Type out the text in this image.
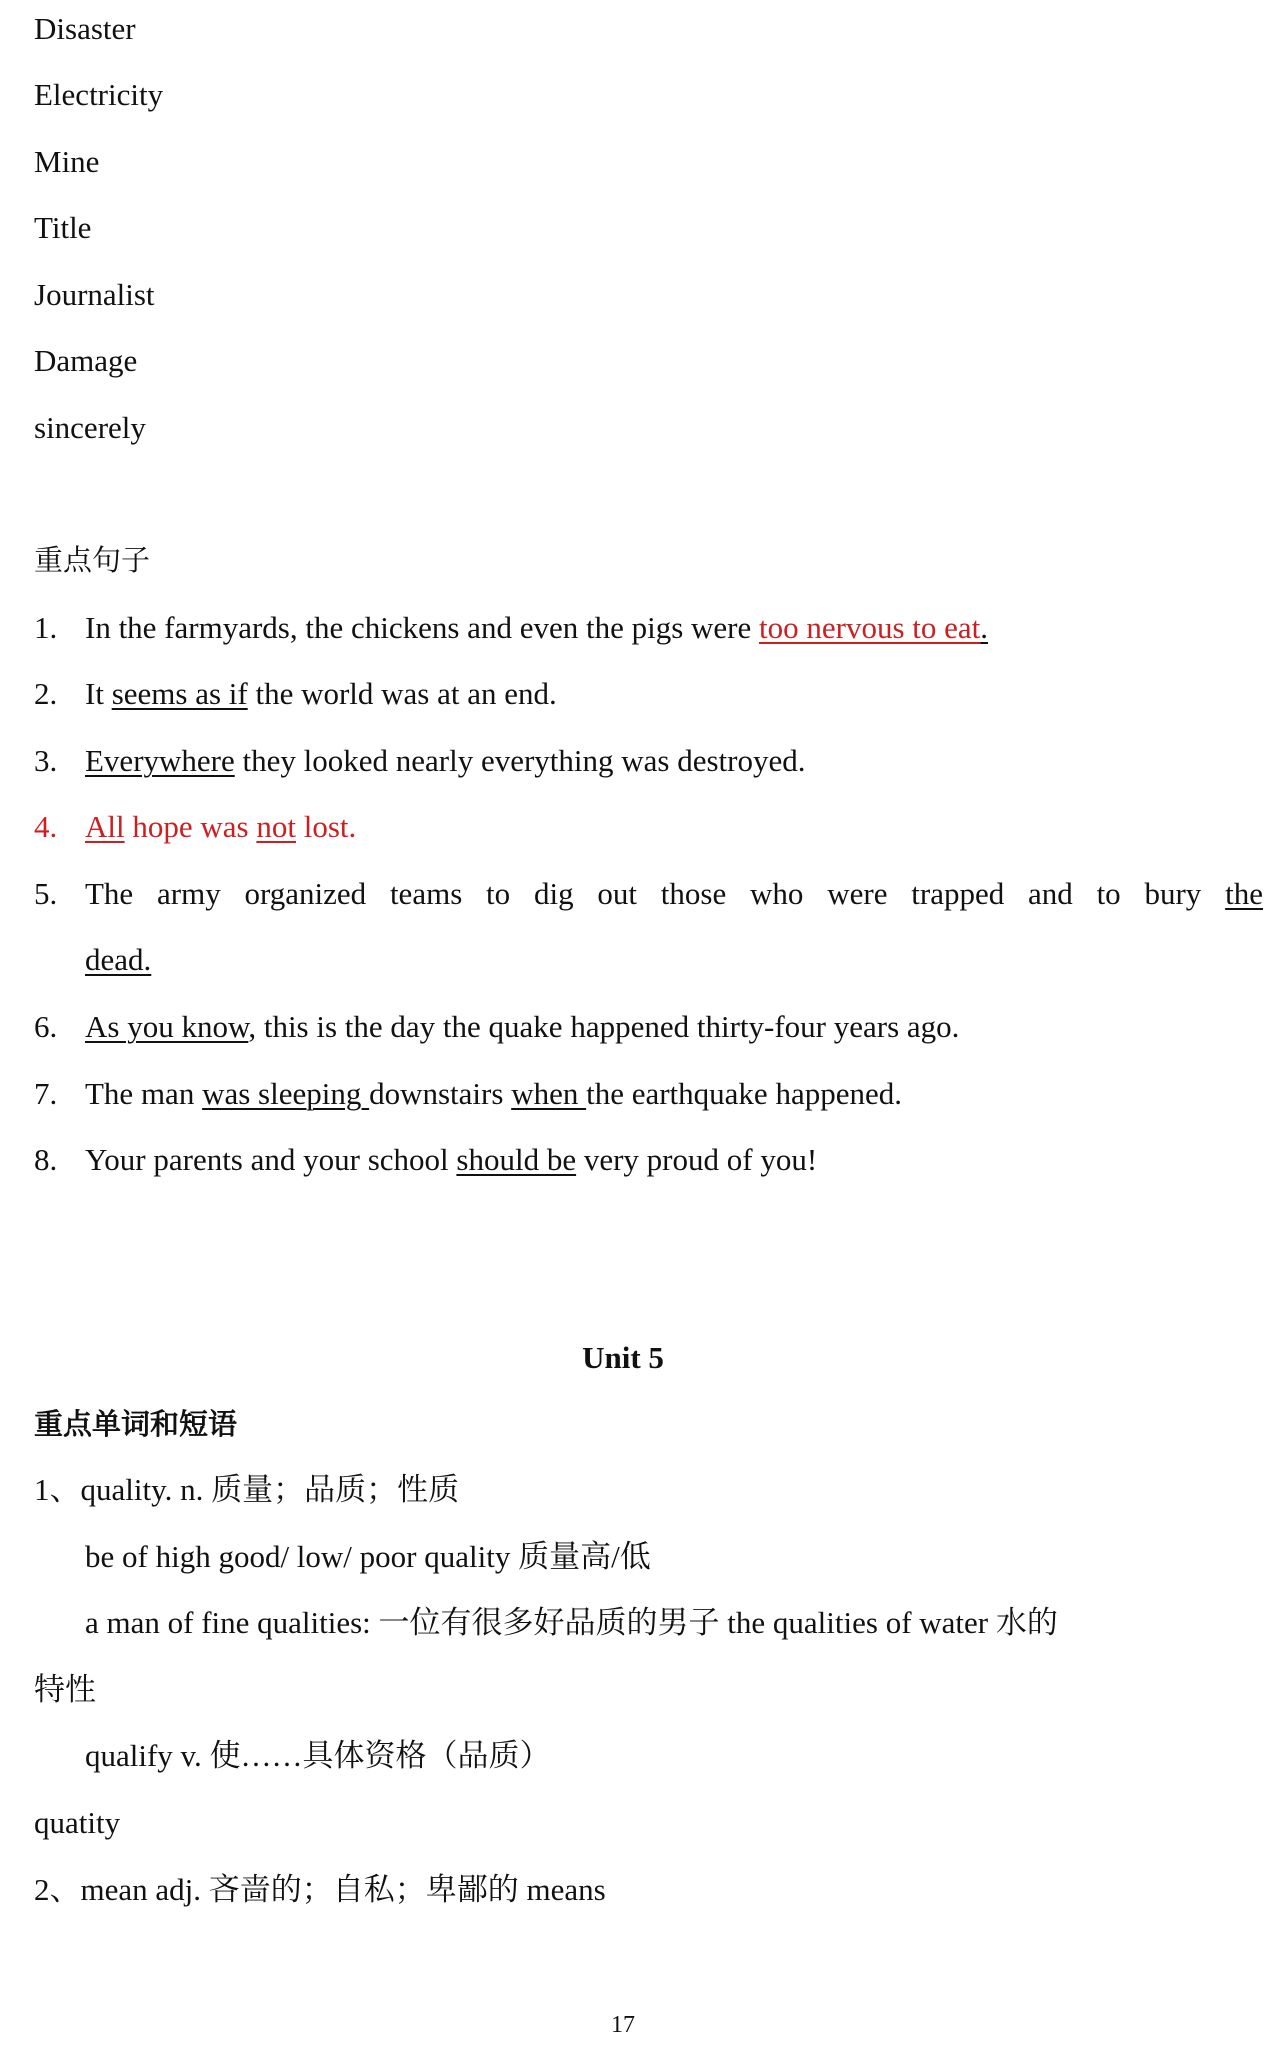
Disaster
Electricity
Mine
Title
Journalist
Damage
sincerely
重点句子
1. In the farmyards, the chickens and even the pigs were too nervous to eat.
2. It seems as if the world was at an end.
3. Everywhere they looked nearly everything was destroyed.
4. All hope was not lost.
5. The army organized teams to dig out those who were trapped and to bury the
dead.
6. As you know, this is the day the quake happened thirty-four years ago.
7. The man was sleeping downstairs when the earthquake happened.
8. Your parents and your school should be very proud of you!
Unit 5
重点单词和短语
1、quality. n. 质量；品质；性质
be of high good/ low/ poor quality 质量高/低
a man of fine qualities: 一位有很多好品质的男子 the qualities of water 水的
特性
qualify v. 使……具体资格（品质）
quatity
2、mean adj. 吝啬的；自私；卑鄙的 means
17
